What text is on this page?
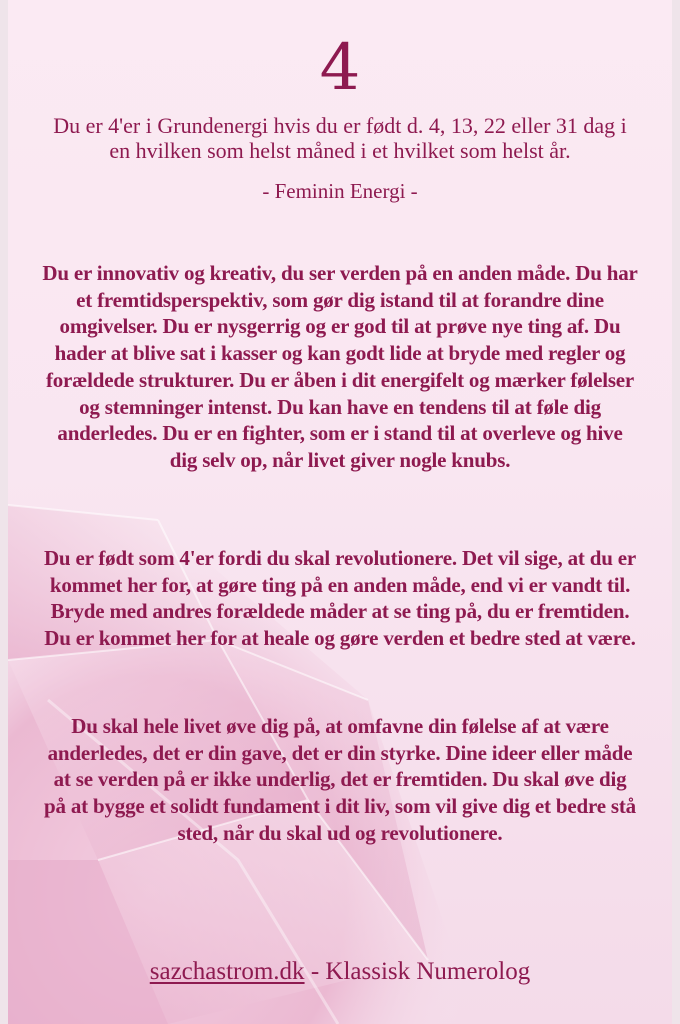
4
Du er 4'er i Grundenergi hvis du er født d. 4, 13, 22 eller 31 dag i en hvilken som helst måned i et hvilket som helst år.
- Feminin Energi -
Du er innovativ og kreativ, du ser verden på en anden måde. Du har et fremtidsperspektiv, som gør dig istand til at forandre dine omgivelser. Du er nysgerrig og er god til at prøve nye ting af. Du hader at blive sat i kasser og kan godt lide at bryde med regler og forældede strukturer. Du er åben i dit energifelt og mærker følelser og stemninger intenst. Du kan have en tendens til at føle dig anderledes. Du er en fighter, som er i stand til at overleve og hive dig selv op, når livet giver nogle knubs.
Du er født som 4'er fordi du skal revolutionere. Det vil sige, at du er kommet her for, at gøre ting på en anden måde, end vi er vandt til. Bryde med andres forældede måder at se ting på, du er fremtiden. Du er kommet her for at heale og gøre verden et bedre sted at være.
Du skal hele livet øve dig på, at omfavne din følelse af at være anderledes, det er din gave, det er din styrke. Dine ideer eller måde at se verden på er ikke underlig, det er fremtiden. Du skal øve dig på at bygge et solidt fundament i dit liv, som vil give dig et bedre stå sted, når du skal ud og revolutionere.
sazchastrom.dk - Klassisk Numerolog
